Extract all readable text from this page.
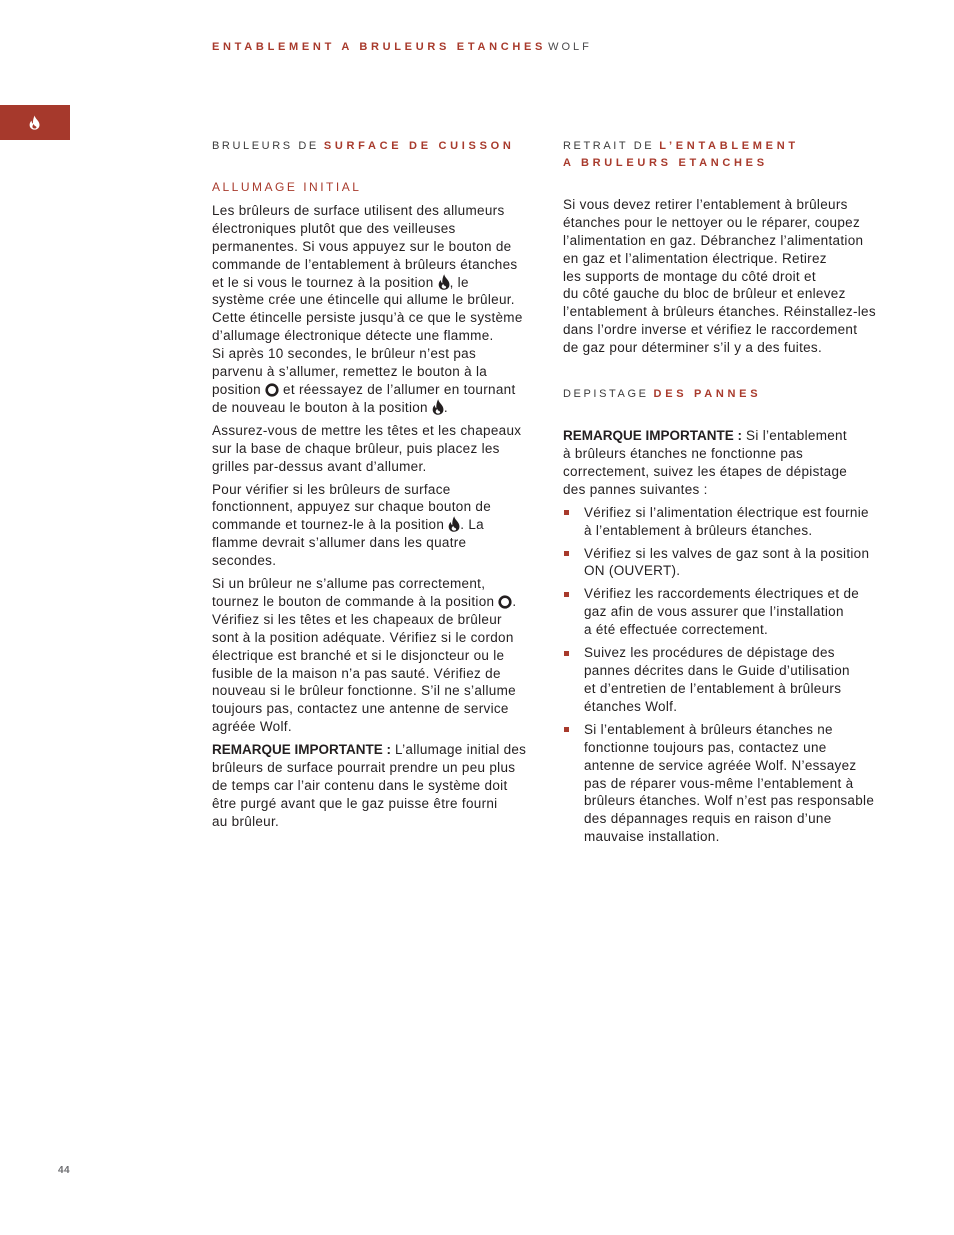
ENTABLEMENT A BRULEURS ETANCHES WOLF
BRULEURS DE SURFACE DE CUISSON
ALLUMAGE INITIAL
Les brûleurs de surface utilisent des allumeurs
électroniques plutôt que des veilleuses
permanentes. Si vous appuyez sur le bouton de
commande de l’entablement à brûleurs étanches
et le si vous le tournez à la position , le
système crée une étincelle qui allume le brûleur.
Cette étincelle persiste jusqu’à ce que le système
d’allumage électronique détecte une flamme.
Si après 10 secondes, le brûleur n’est pas
parvenu à s’allumer, remettez le bouton à la
position  et réessayez de l’allumer en tournant
de nouveau le bouton à la position .
Assurez-vous de mettre les têtes et les chapeaux
sur la base de chaque brûleur, puis placez les
grilles par-dessus avant d’allumer.
Pour vérifier si les brûleurs de surface
fonctionnent, appuyez sur chaque bouton de
commande et tournez-le à la position . La
flamme devrait s’allumer dans les quatre
secondes.
Si un brûleur ne s’allume pas correctement,
tournez le bouton de commande à la position .
Vérifiez si les têtes et les chapeaux de brûleur
sont à la position adéquate. Vérifiez si le cordon
électrique est branché et si le disjoncteur ou le
fusible de la maison n’a pas sauté. Vérifiez de
nouveau si le brûleur fonctionne. S’il ne s’allume
toujours pas, contactez une antenne de service
agréée Wolf.
REMARQUE IMPORTANTE : L’allumage initial des
brûleurs de surface pourrait prendre un peu plus
de temps car l’air contenu dans le système doit
être purgé avant que le gaz puisse être fourni
au brûleur.
RETRAIT DE L’ENTABLEMENT
A BRULEURS ETANCHES
Si vous devez retirer l’entablement à brûleurs
étanches pour le nettoyer ou le réparer, coupez
l’alimentation en gaz. Débranchez l’alimentation
en gaz et l’alimentation électrique. Retirez
les supports de montage du côté droit et
du côté gauche du bloc de brûleur et enlevez
l’entablement à brûleurs étanches. Réinstallez-les
dans l’ordre inverse et vérifiez le raccordement
de gaz pour déterminer s’il y a des fuites.
DEPISTAGE DES PANNES
REMARQUE IMPORTANTE : Si l’entablement
à brûleurs étanches ne fonctionne pas
correctement, suivez les étapes de dépistage
des pannes suivantes :
Vérifiez si l’alimentation électrique est fournie
à l’entablement à brûleurs étanches.
Vérifiez si les valves de gaz sont à la position
ON (OUVERT).
Vérifiez les raccordements électriques et de
gaz afin de vous assurer que l’installation
a été effectuée correctement.
Suivez les procédures de dépistage des
pannes décrites dans le Guide d’utilisation
et d’entretien de l’entablement à brûleurs
étanches Wolf.
Si l’entablement à brûleurs étanches ne
fonctionne toujours pas, contactez une
antenne de service agréée Wolf. N’essayez
pas de réparer vous-même l’entablement à
brûleurs étanches. Wolf n’est pas responsable
des dépannages requis en raison d’une
mauvaise installation.
44
